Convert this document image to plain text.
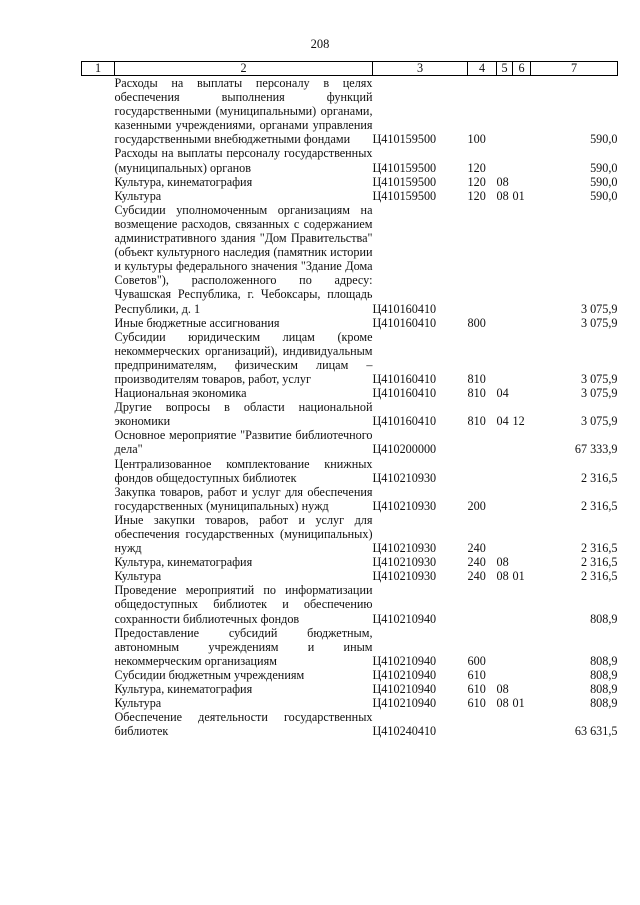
208
1	2	3	4	5	6	7
	Расходы на выплаты персоналу в целях обеспечения выполнения функций государственными (муниципальными) органами, казенными учреждениями, органами управления государственными внебюджетными фондами	Ц410159500	100			590,0
	Расходы на выплаты персоналу государственных (муниципальных) органов	Ц410159500	120			590,0
	Культура, кинематография	Ц410159500	120	08		590,0
	Культура	Ц410159500	120	08	01	590,0
	Субсидии уполномоченным организациям на возмещение расходов, связанных с содержанием административного здания "Дом Правительства" (объект культурного наследия (памятник истории и культуры федерального значения "Здание Дома Советов"), расположенного по адресу: Чувашская Республика, г. Чебоксары, площадь Республики, д. 1	Ц410160410				3 075,9
	Иные бюджетные ассигнования	Ц410160410	800			3 075,9
	Субсидии юридическим лицам (кроме некоммерческих организаций), индивидуальным предпринимателям, физическим лицам – производителям товаров, работ, услуг	Ц410160410	810			3 075,9
	Национальная экономика	Ц410160410	810	04		3 075,9
	Другие вопросы в области национальной экономики	Ц410160410	810	04	12	3 075,9
	Основное мероприятие "Развитие библиотечного дела"	Ц410200000				67 333,9
	Централизованное комплектование книжных фондов общедоступных библиотек	Ц410210930				2 316,5
	Закупка товаров, работ и услуг для обеспечения государственных (муниципальных) нужд	Ц410210930	200			2 316,5
	Иные закупки товаров, работ и услуг для обеспечения государственных (муниципальных) нужд	Ц410210930	240			2 316,5
	Культура, кинематография	Ц410210930	240	08		2 316,5
	Культура	Ц410210930	240	08	01	2 316,5
	Проведение мероприятий по информатизации общедоступных библиотек и обеспечению сохранности библиотечных фондов	Ц410210940				808,9
	Предоставление субсидий бюджетным, автономным учреждениям и иным некоммерческим организациям	Ц410210940	600			808,9
	Субсидии бюджетным учреждениям	Ц410210940	610			808,9
	Культура, кинематография	Ц410210940	610	08		808,9
	Культура	Ц410210940	610	08	01	808,9
	Обеспечение деятельности государственных библиотек	Ц410240410				63 631,5
